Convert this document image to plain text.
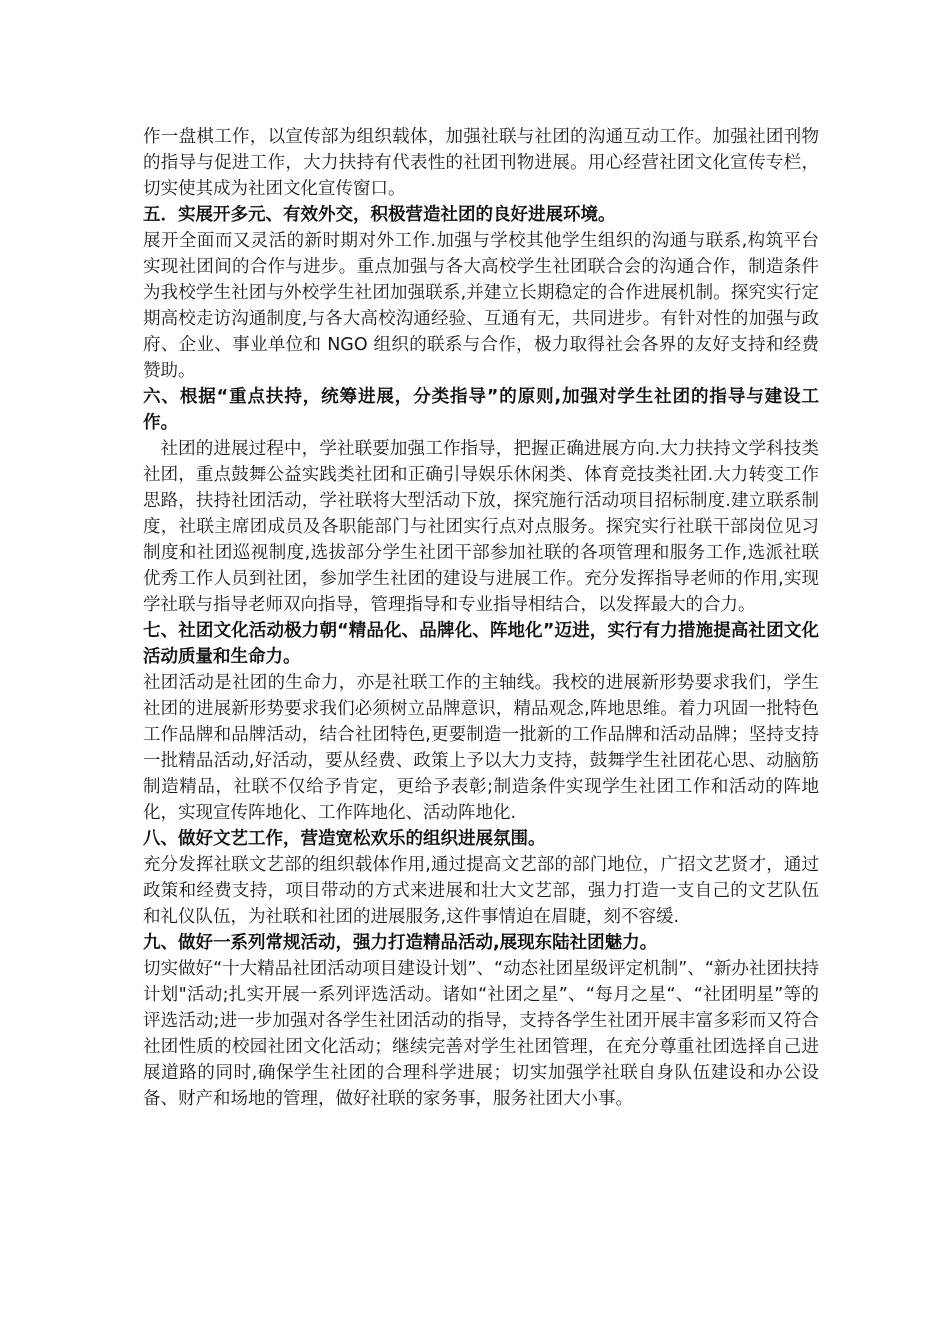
作一盘棋工作，以宣传部为组织载体，加强社联与社团的沟通互动工作。加强社团刊物的指导与促进工作，大力扶持有代表性的社团刊物进展。用心经营社团文化宣传专栏，切实使其成为社团文化宣传窗口。

五．实展开多元、有效外交，积极营造社团的良好进展环境。

展开全面而又灵活的新时期对外工作.加强与学校其他学生组织的沟通与联系,构筑平台实现社团间的合作与进步。重点加强与各大高校学生社团联合会的沟通合作，制造条件为我校学生社团与外校学生社团加强联系,并建立长期稳定的合作进展机制。探究实行定期高校走访沟通制度,与各大高校沟通经验、互通有无，共同进步。有针对性的加强与政府、企业、事业单位和 NGO 组织的联系与合作，极力取得社会各界的友好支持和经费赞助。

六、根据“重点扶持，统筹进展，分类指导”的原则,加强对学生社团的指导与建设工作。

社团的进展过程中，学社联要加强工作指导，把握正确进展方向.大力扶持文学科技类社团，重点鼓舞公益实践类社团和正确引导娱乐休闲类、体育竞技类社团.大力转变工作思路，扶持社团活动，学社联将大型活动下放，探究施行活动项目招标制度.建立联系制度，社联主席团成员及各职能部门与社团实行点对点服务。探究实行社联干部岗位见习制度和社团巡视制度,选拔部分学生社团干部参加社联的各项管理和服务工作,选派社联优秀工作人员到社团，参加学生社团的建设与进展工作。充分发挥指导老师的作用,实现学社联与指导老师双向指导，管理指导和专业指导相结合，以发挥最大的合力。

七、社团文化活动极力朝“精品化、品牌化、阵地化”迈进，实行有力措施提高社团文化活动质量和生命力。

社团活动是社团的生命力，亦是社联工作的主轴线。我校的进展新形势要求我们，学生社团的进展新形势要求我们必须树立品牌意识，精品观念,阵地思维。着力巩固一批特色工作品牌和品牌活动，结合社团特色,更要制造一批新的工作品牌和活动品牌；坚持支持一批精品活动,好活动，要从经费、政策上予以大力支持，鼓舞学生社团花心思、动脑筋制造精品，社联不仅给予肯定，更给予表彰;制造条件实现学生社团工作和活动的阵地化，实现宣传阵地化、工作阵地化、活动阵地化.

八、做好文艺工作，营造宽松欢乐的组织进展氛围。

充分发挥社联文艺部的组织载体作用,通过提高文艺部的部门地位，广招文艺贤才，通过政策和经费支持，项目带动的方式来进展和壮大文艺部，强力打造一支自己的文艺队伍和礼仪队伍，为社联和社团的进展服务,这件事情迫在眉睫，刻不容缓.

九、做好一系列常规活动，强力打造精品活动,展现东陆社团魅力。

切实做好“十大精品社团活动项目建设计划”、“动态社团星级评定机制”、“新办社团扶持计划"活动;扎实开展一系列评选活动。诸如“社团之星”、“每月之星“、“社团明星”等的评选活动;进一步加强对各学生社团活动的指导，支持各学生社团开展丰富多彩而又符合社团性质的校园社团文化活动；继续完善对学生社团管理，在充分尊重社团选择自己进展道路的同时,确保学生社团的合理科学进展；切实加强学社联自身队伍建设和办公设备、财产和场地的管理，做好社联的家务事，服务社团大小事。
